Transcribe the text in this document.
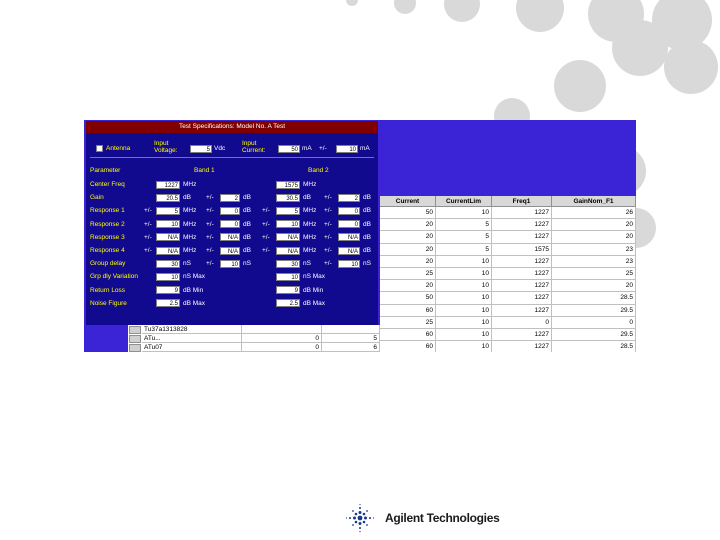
Test Specifications: Model No. A Test
Antenna
Input Voltage:	5 Vdc
Input Current:	50 mA +/-	10 mA
Parameter	Band 1	Band 2
Center Freq	1227 MHz	1575 MHz
Gain	20.5 dB +/-	2 dB	30.5 dB +/-	2 dB
Response 1	+/-	5 MHz +/-	0 dB +/-	5 MHz +/-	0 dB
Response 2	+/-	10 MHz +/-	0 dB +/-	10 MHz +/-	0 dB
Response 3	+/-	N/A MHz +/-	N/A dB +/-	N/A MHz +/-	N/A dB
Response 4	+/-	N/A MHz +/-	N/A dB +/-	N/A MHz +/-	N/A dB
Group delay	30 nS +/-	10 nS	30 nS +/-	10 nS
Grp dly Variation	10 nS Max	10 nS Max
Return Loss	9 dB Min	9 dB Min
Noise Figure	2.5 dB Max	2.5 dB Max
Current	CurrentLim	Freq1	GainNom_F1
50	10	1227	26
20	5	1227	20
20	5	1227	20
20	5	1575	23
20	10	1227	23
25	10	1227	25
20	10	1227	20
50	10	1227	28.5
60	10	1227	29.5
25	10	0	0
60	10	1227	29.5
60	10	1227	28.5
Tu37a1313828
ATu...	0	5
ATu07	0	6
Agilent Technologies
